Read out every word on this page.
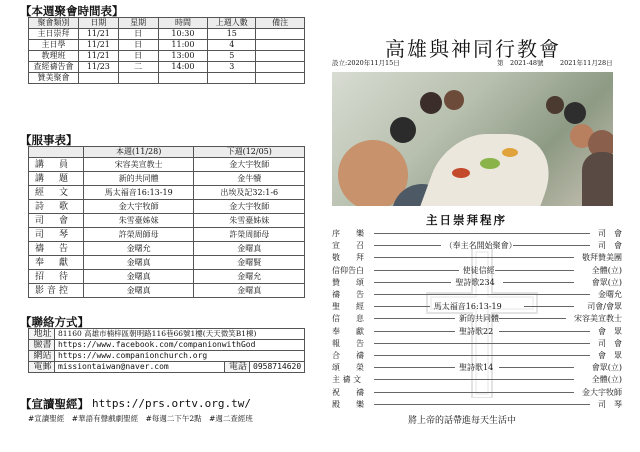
【本週聚會時間表】
聚會類別	日期	星期	時間	上週人數	備注
主日崇拜	11/21	日	10:30	15	
主日學	11/21	日	11:00	4	
教理班	11/21	日	13:00	5	
查經禱告會	11/23	二	14:00	3	
贊美聚會					
【服事表】
	本週(11/28)	下週(12/05)
講　員	宋容美宣教士	金大宇牧師
講　題	新的共同體	金牛犢
經　文	馬太福音16:13-19	出埃及記32:1-6
詩　歌	金大宇牧師	金大宇牧師
司　會	朱雪臺姊妹	朱雪臺姊妹
司　琴	許榮周師母	許榮周師母
禱　告	金曙允	金曙真
奉　獻	金曙真	金曙賢
招　待	金曙真	金曙允
影音控	金曙真	金曙真
【聯絡方式】
地址	81160 高雄市楠梓區朝明路116巷66號1樓(天天微笑B1棟)		
臉書	https://www.facebook.com/companionwithGod		
網站	https://www.companionchurch.org		
電郵	missiontaiwan@naver.com	電話	0958714620
【宣讀聖經】 https://prs.ortv.org.tw/
#宣讀聖經　#華語有聲戲劇聖經　#每週二下午2點　#週二查經班
高雄與神同行教會
設立:2020年11月15日	第　2021-48號	2021年11月28日
主日崇拜程序
序　　樂	司　會
宣　　召	司　會
（奉主名開始聚會）
敬　　拜	敬拜贊美團
信仰告白	全體(立)
使徒信經
贊　　頌	會眾(立)
聖詩歌234
禱　　告	金曙允
聖　　經	司會/會眾
馬太福音16:13-19
信　　息	宋容美宣教士
新的共同體
奉　　獻	會　眾
聖詩歌22
報　　告	司　會
合　　禱	會　眾
頌　　榮	會眾(立)
聖詩歌14
主 禱 文	全體(立)
祝　　禱	金大宇牧師
殿　　樂	司　琴
將上帝的話帶進每天生活中
